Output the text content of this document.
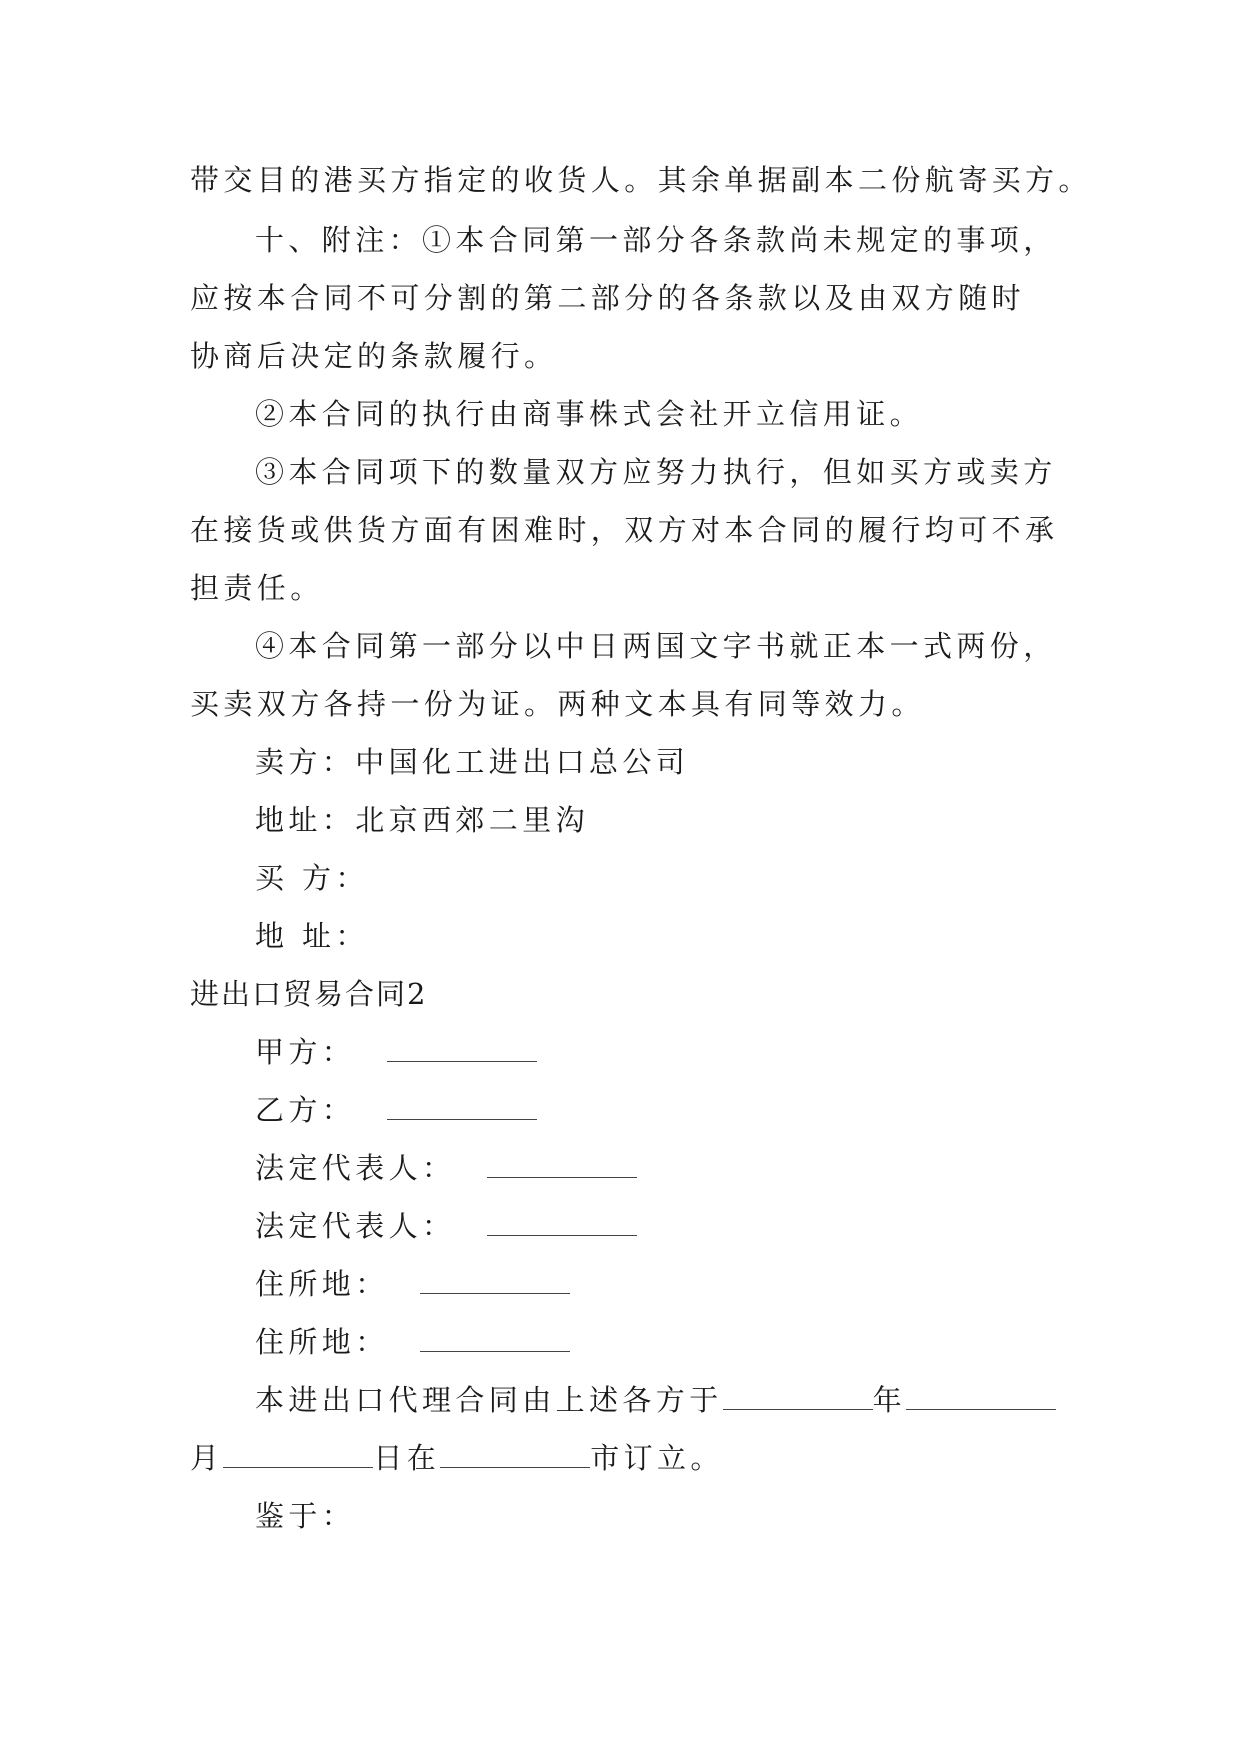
带交目的港买方指定的收货人。其余单据副本二份航寄买方。
十、附注：①本合同第一部分各条款尚未规定的事项，
应按本合同不可分割的第二部分的各条款以及由双方随时
协商后决定的条款履行。
②本合同的执行由商事株式会社开立信用证。
③本合同项下的数量双方应努力执行，但如买方或卖方
在接货或供货方面有困难时，双方对本合同的履行均可不承
担责任。
④本合同第一部分以中日两国文字书就正本一式两份，
买卖双方各持一份为证。两种文本具有同等效力。
卖方：中国化工进出口总公司
地址：北京西郊二里沟
买 方：
地 址：
进出口贸易合同2
甲方：
乙方：
法定代表人：
法定代表人：
住所地：
住所地：
本进出口代理合同由上述各方于	年
月	日在	市订立。
鉴于：
